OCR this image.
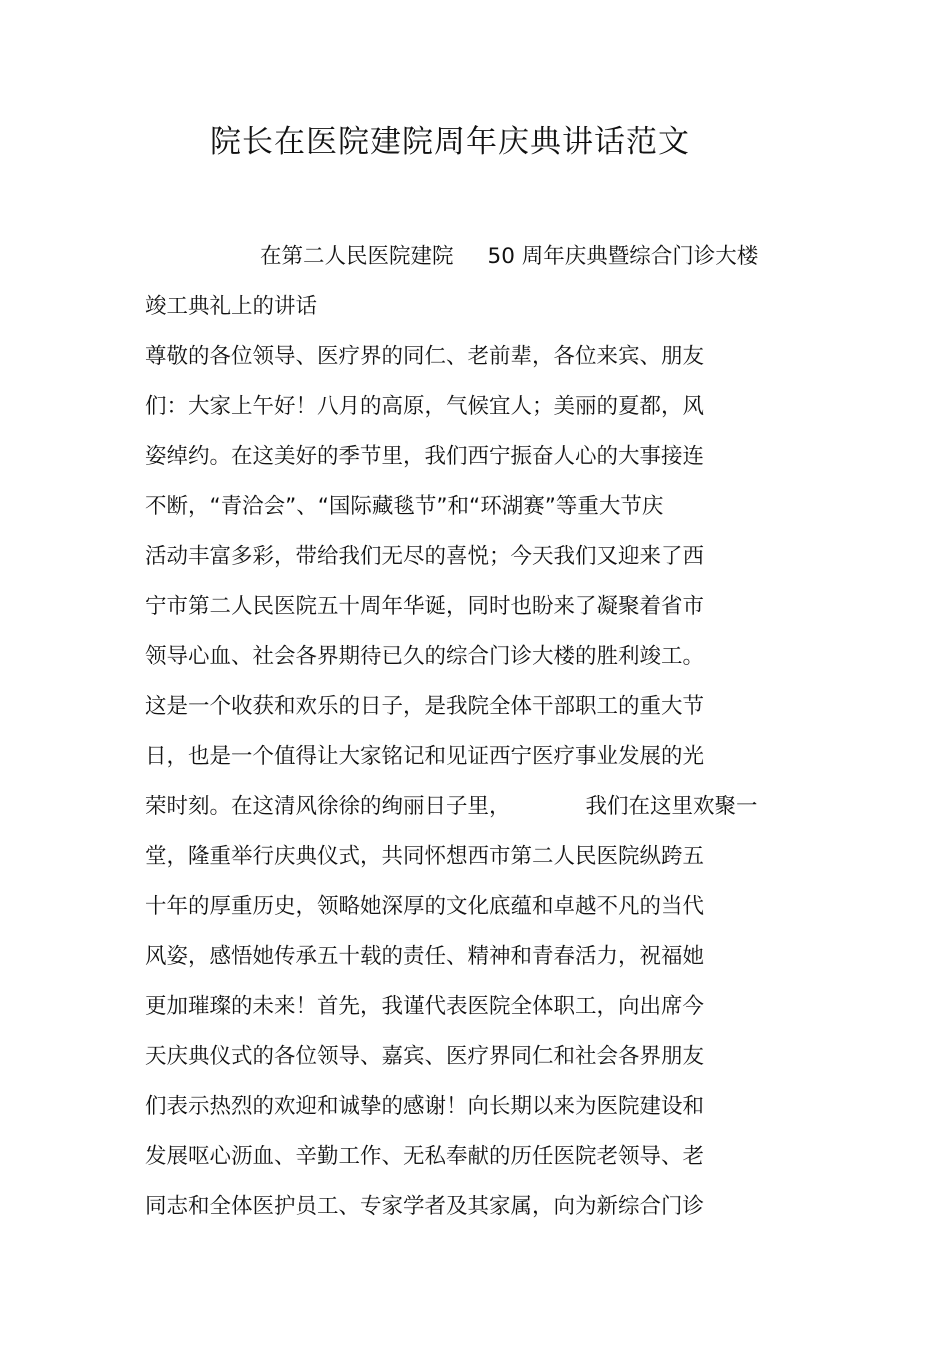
院长在医院建院周年庆典讲话范文
在第二人民医院建院 50 周年庆典暨综合门诊大楼
竣工典礼上的讲话
尊敬的各位领导、医疗界的同仁、老前辈，各位来宾、朋友
们：大家上午好！八月的高原，气候宜人；美丽的夏都，风
姿绰约。在这美好的季节里，我们西宁振奋人心的大事接连
不断，“青洽会”、“国际藏毯节”和“环湖赛”等重大节庆
活动丰富多彩，带给我们无尽的喜悦；今天我们又迎来了西
宁市第二人民医院五十周年华诞，同时也盼来了凝聚着省市
领导心血、社会各界期待已久的综合门诊大楼的胜利竣工。
这是一个收获和欢乐的日子，是我院全体干部职工的重大节
日，也是一个值得让大家铭记和见证西宁医疗事业发展的光
荣时刻。在这清风徐徐的绚丽日子里，	我们在这里欢聚一
堂，隆重举行庆典仪式，共同怀想西市第二人民医院纵跨五
十年的厚重历史，领略她深厚的文化底蕴和卓越不凡的当代
风姿，感悟她传承五十载的责任、精神和青春活力，祝福她
更加璀璨的未来！首先，我谨代表医院全体职工，向出席今
天庆典仪式的各位领导、嘉宾、医疗界同仁和社会各界朋友
们表示热烈的欢迎和诚挚的感谢！向长期以来为医院建设和
发展呕心沥血、辛勤工作、无私奉献的历任医院老领导、老
同志和全体医护员工、专家学者及其家属，向为新综合门诊
